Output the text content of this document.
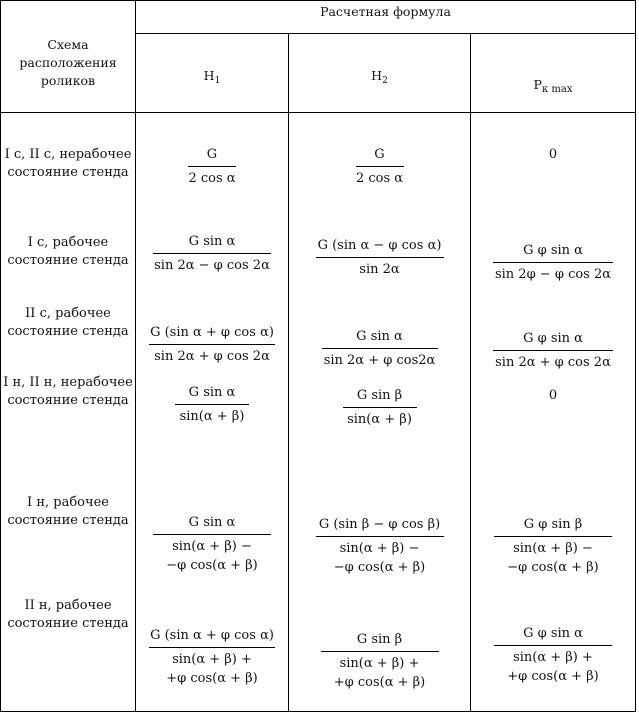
Схема расположения роликов
Расчетная формула
$H_1$	$H_2$	$P_{к max}$
I с, II с, нерабочее состояние стенда
I с, рабочее состояние стенда
II с, рабочее состояние стенда
I н, II н, нерабочее состояние стенда
I н, рабочее состояние стенда
II н, рабочее состояние стенда
G
2 cos α
G
2 cos α
0
G sin α
sin 2α − φ cos 2α
G (sin α − φ cos α)
sin 2α
G φ sin α
sin 2φ − φ cos 2α
G (sin α + φ cos α)
sin 2α + φ cos 2α
G sin α
sin 2α + φ cos2α
G φ sin α
sin 2α + φ cos 2α
G sin α
sin(α + β)
G sin β
sin(α + β)
0
G sin α
sin(α + β) −
−φ cos(α + β)
G (sin β − φ cos β)
sin(α + β) −
−φ cos(α + β)
G φ sin β
sin(α + β) −
−φ cos(α + β)
G (sin α + φ cos α)
sin(α + β) +
+φ cos(α + β)
G sin β
sin(α + β) +
+φ cos(α + β)
G φ sin α
sin(α + β) +
+φ cos(α + β)
